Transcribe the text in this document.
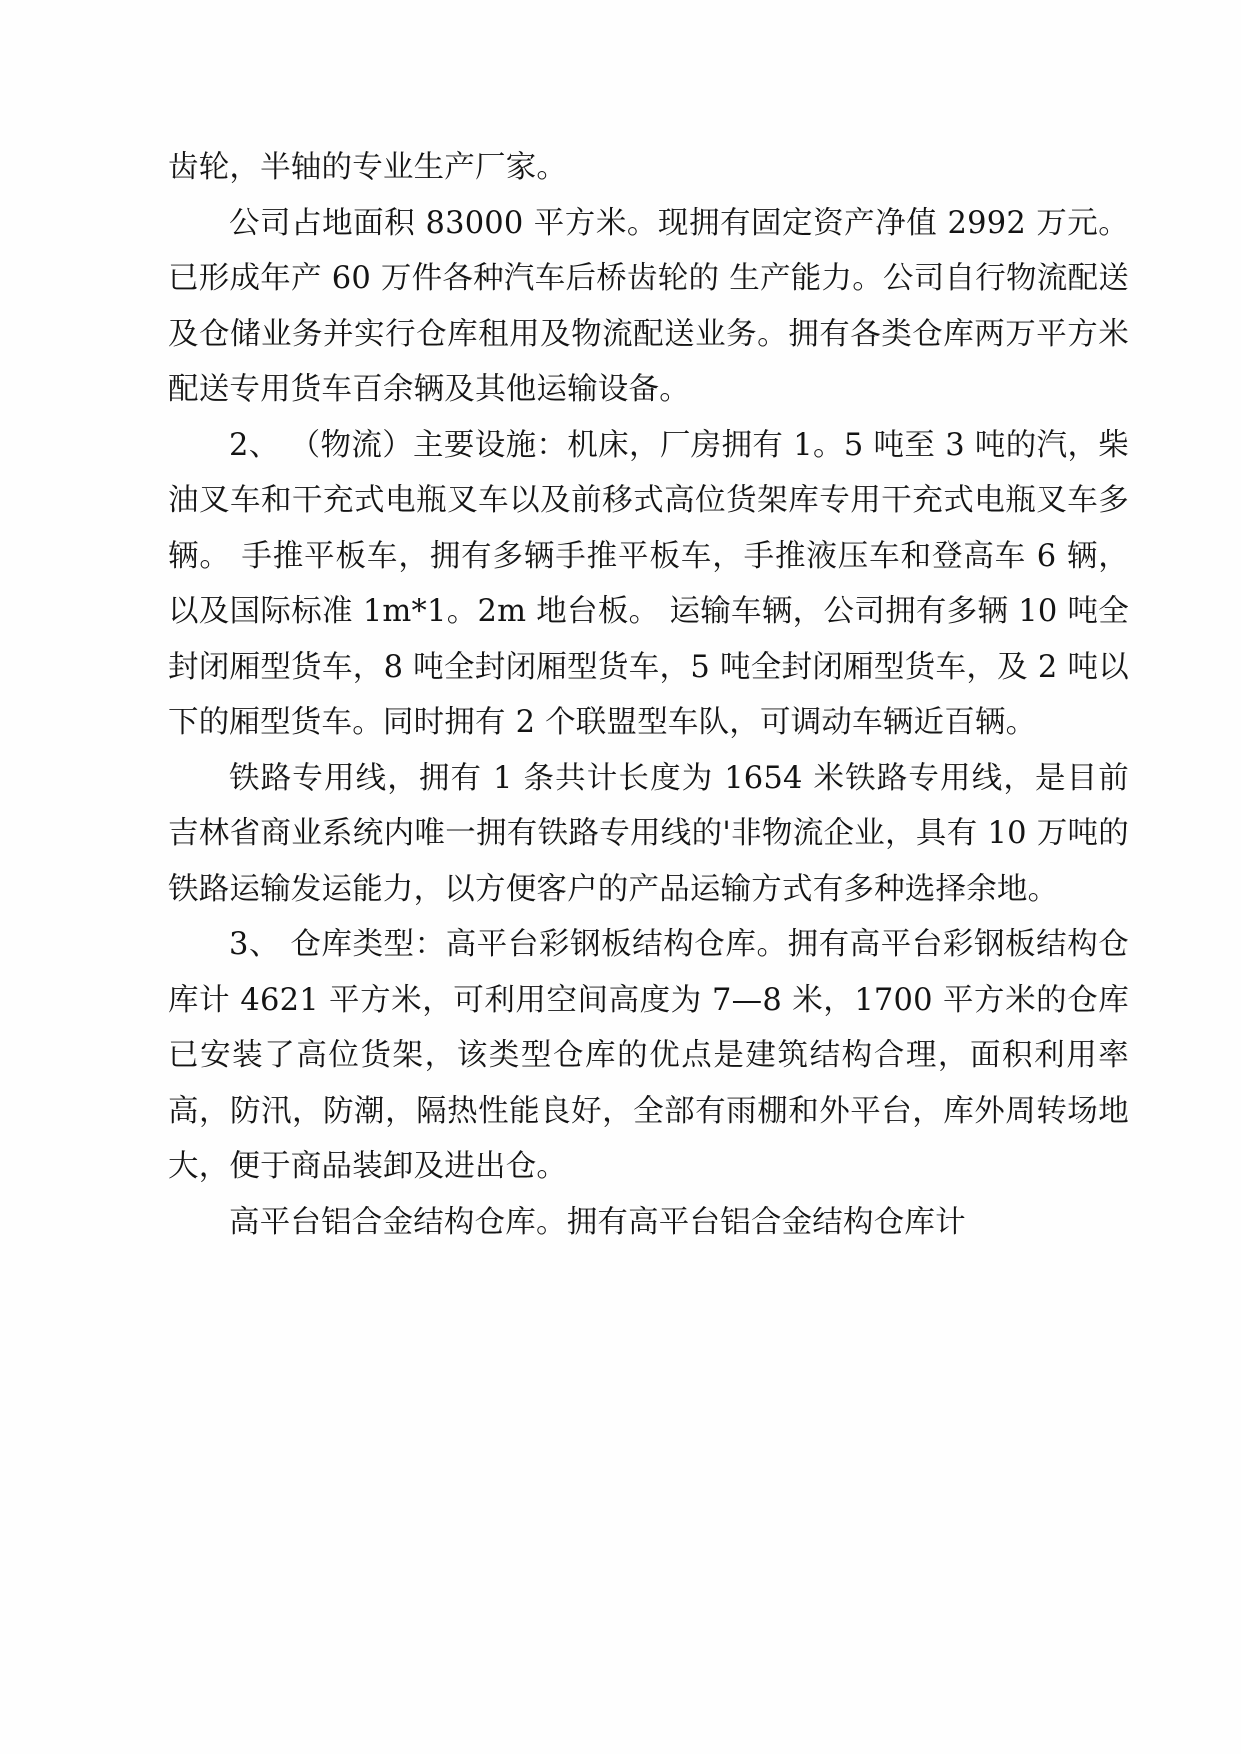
齿轮，半轴的专业生产厂家。

公司占地面积 83000 平方米。现拥有固定资产净值 2992 万元。已形成年产 60 万件各种汽车后桥齿轮的 生产能力。公司自行物流配送及仓储业务并实行仓库租用及物流配送业务。拥有各类仓库两万平方米配送专用货车百余辆及其他运输设备。

2、 （物流）主要设施：机床，厂房拥有 1。5 吨至 3 吨的汽，柴油叉车和干充式电瓶叉车以及前移式高位货架库专用干充式电瓶叉车多辆。 手推平板车，拥有多辆手推平板车，手推液压车和登高车 6 辆，以及国际标准 1m*1。2m 地台板。 运输车辆，公司拥有多辆 10 吨全封闭厢型货车，8 吨全封闭厢型货车，5 吨全封闭厢型货车，及 2 吨以下的厢型货车。同时拥有 2 个联盟型车队，可调动车辆近百辆。

铁路专用线，拥有 1 条共计长度为 1654 米铁路专用线，是目前吉林省商业系统内唯一拥有铁路专用线的'非物流企业，具有 10 万吨的铁路运输发运能力，以方便客户的产品运输方式有多种选择余地。

3、 仓库类型：高平台彩钢板结构仓库。拥有高平台彩钢板结构仓库计 4621 平方米，可利用空间高度为 7—8 米，1700 平方米的仓库已安装了高位货架，该类型仓库的优点是建筑结构合理，面积利用率高，防汛，防潮，隔热性能良好，全部有雨棚和外平台，库外周转场地大，便于商品装卸及进出仓。

高平台铝合金结构仓库。拥有高平台铝合金结构仓库计
